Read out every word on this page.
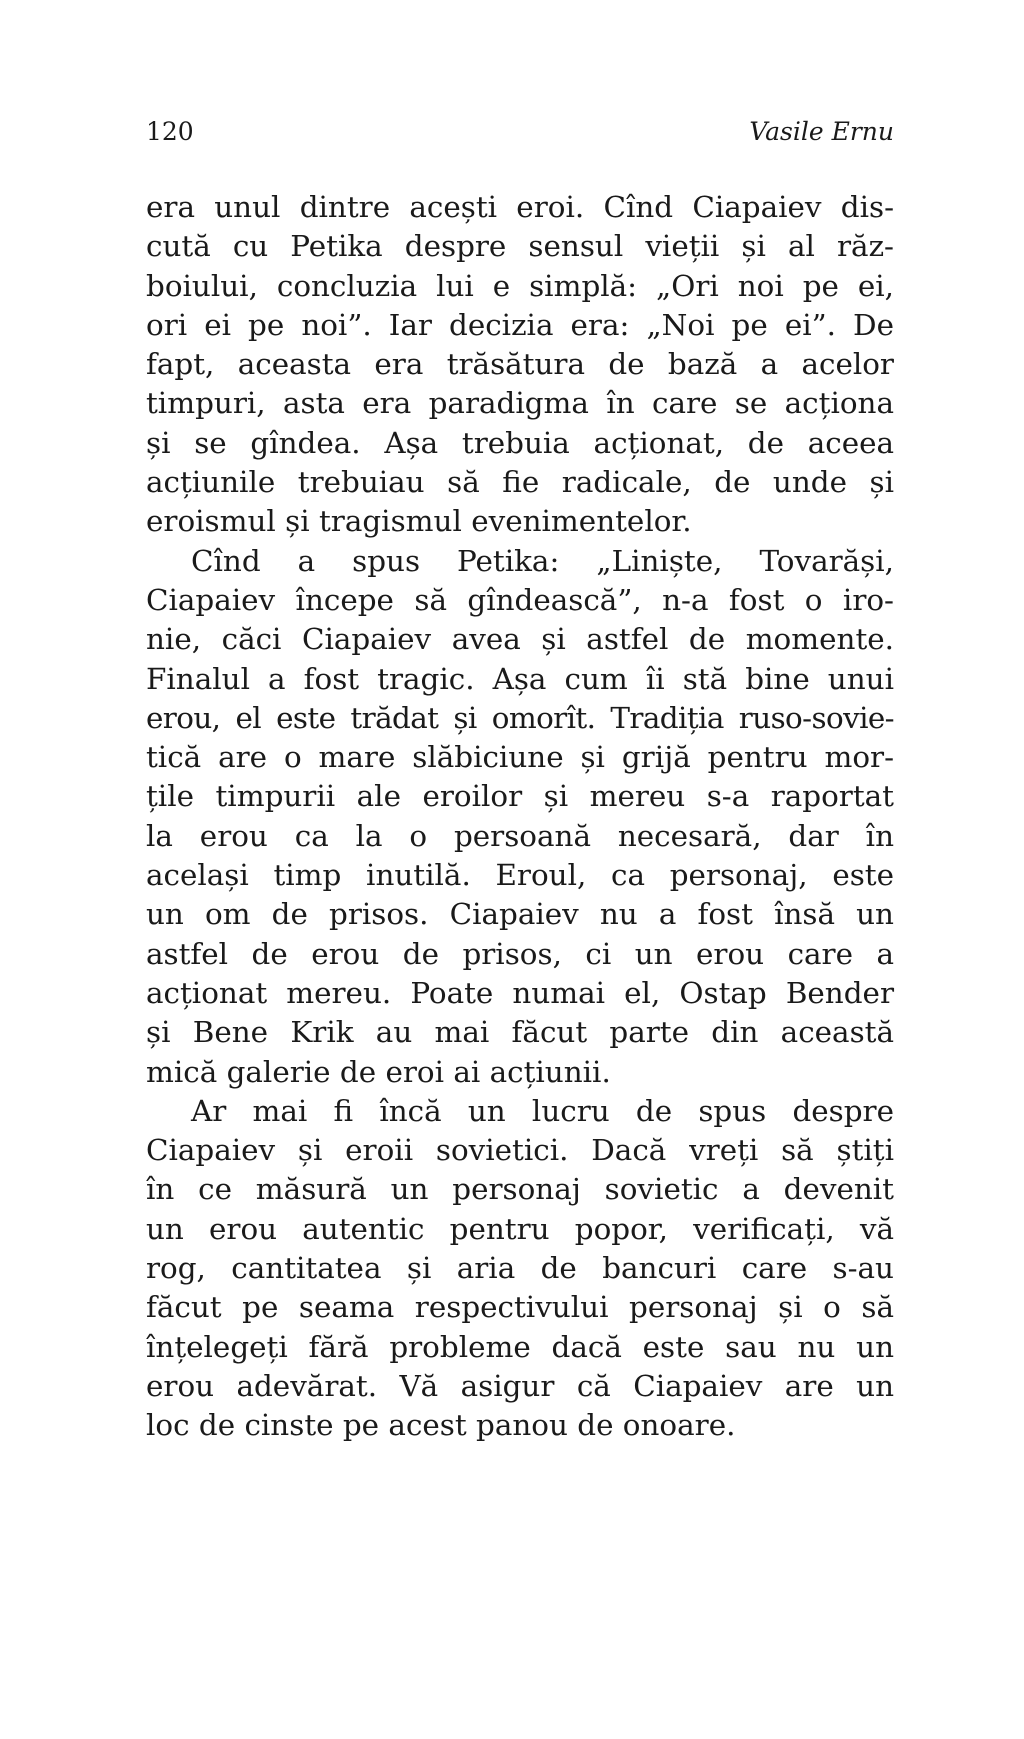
120	Vasile Ernu
era unul dintre acești eroi. Cînd Ciapaiev dis-
cută cu Petika despre sensul vieții și al răz-
boiului, concluzia lui e simplă: „Ori noi pe ei,
ori ei pe noi”. Iar decizia era: „Noi pe ei”. De
fapt, aceasta era trăsătura de bază a acelor
timpuri, asta era paradigma în care se acționa
și se gîndea. Așa trebuia acționat, de aceea
acțiunile trebuiau să fie radicale, de unde și
eroismul și tragismul evenimentelor.
Cînd a spus Petika: „Liniște, Tovarăși,
Ciapaiev începe să gîndească”, n-a fost o iro-
nie, căci Ciapaiev avea și astfel de momente.
Finalul a fost tragic. Așa cum îi stă bine unui
erou, el este trădat și omorît. Tradiția ruso-sovie-
tică are o mare slăbiciune și grijă pentru mor-
țile timpurii ale eroilor și mereu s-a raportat
la erou ca la o persoană necesară, dar în
același timp inutilă. Eroul, ca personaj, este
un om de prisos. Ciapaiev nu a fost însă un
astfel de erou de prisos, ci un erou care a
acționat mereu. Poate numai el, Ostap Bender
și Bene Krik au mai făcut parte din această
mică galerie de eroi ai acțiunii.
Ar mai fi încă un lucru de spus despre
Ciapaiev și eroii sovietici. Dacă vreți să știți
în ce măsură un personaj sovietic a devenit
un erou autentic pentru popor, verificați, vă
rog, cantitatea și aria de bancuri care s-au
făcut pe seama respectivului personaj și o să
înțelegeți fără probleme dacă este sau nu un
erou adevărat. Vă asigur că Ciapaiev are un
loc de cinste pe acest panou de onoare.
